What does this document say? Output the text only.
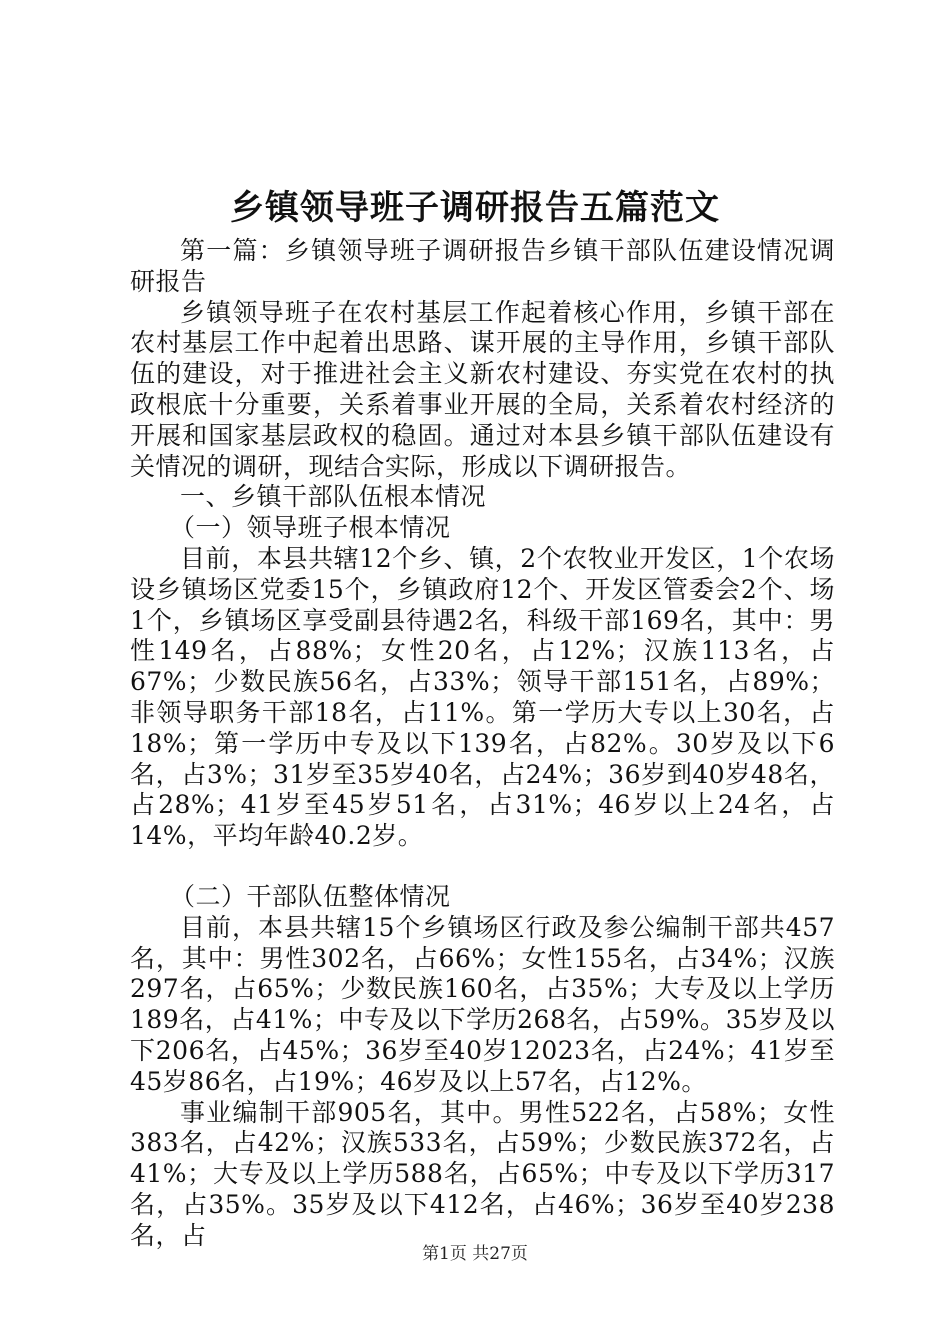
乡镇领导班子调研报告五篇范文

第一篇：乡镇领导班子调研报告乡镇干部队伍建设情况调研报告

乡镇领导班子在农村基层工作起着核心作用，乡镇干部在农村基层工作中起着出思路、谋开展的主导作用，乡镇干部队伍的建设，对于推进社会主义新农村建设、夯实党在农村的执政根底十分重要，关系着事业开展的全局，关系着农村经济的开展和国家基层政权的稳固。通过对本县乡镇干部队伍建设有关情况的调研，现结合实际，形成以下调研报告。

一、乡镇干部队伍根本情况

（一）领导班子根本情况

目前，本县共辖12个乡、镇，2个农牧业开发区，1个农场设乡镇场区党委15个，乡镇政府12个、开发区管委会2个、场1个，乡镇场区享受副县待遇2名，科级干部169名，其中：男性149名，占88%；女性20名，占12%；汉族113名，占67%；少数民族56名，占33%；领导干部151名，占89%；非领导职务干部18名，占11%。第一学历大专以上30名，占18%；第一学历中专及以下139名，占82%。30岁及以下6名，占3%；31岁至35岁40名，占24%；36岁到40岁48名，占28%；41岁至45岁51名，占31%；46岁以上24名，占14%，平均年龄40.2岁。

（二）干部队伍整体情况

目前，本县共辖15个乡镇场区行政及参公编制干部共457名，其中：男性302名，占66%；女性155名，占34%；汉族297名，占65%；少数民族160名，占35%；大专及以上学历189名，占41%；中专及以下学历268名，占59%。35岁及以下206名，占45%；36岁至40岁12023名，占24%；41岁至45岁86名，占19%；46岁及以上57名，占12%。

事业编制干部905名，其中。男性522名，占58%；女性383名，占42%；汉族533名，占59%；少数民族372名，占41%；大专及以上学历588名，占65%；中专及以下学历317名，占35%。35岁及以下412名，占46%；36岁至40岁238名，占

第1页 共27页
